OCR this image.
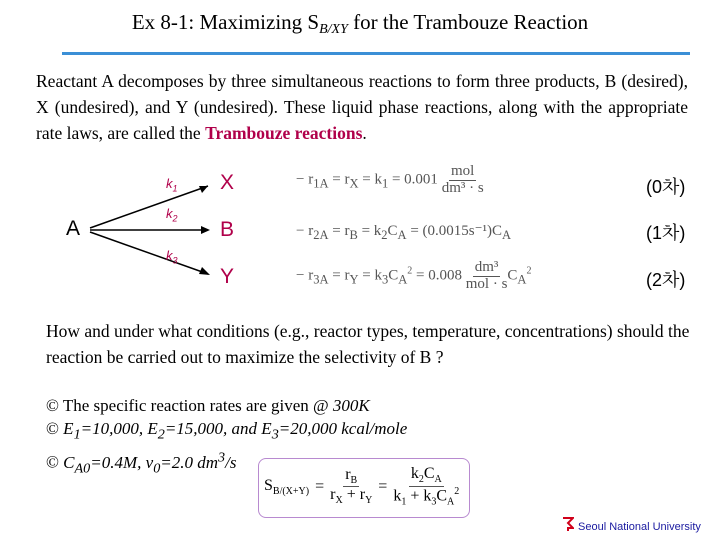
Ex 8-1: Maximizing SB/XY for the Trambouze Reaction
Reactant A decomposes by three simultaneous reactions to form three products, B (desired), X (undesired), and Y (undesired). These liquid phase reactions, along with the appropriate rate laws, are called the Trambouze reactions.
A
$k_1$
$k_2$
$k_3$
X
B
Y
− $r_{1A} = r_X = k_1 = 0.001 \frac{\text{mol}}{\text{dm³ · s}}$
− $r_{2A} = r_B = k_2C_A = (0.0015s^{-1})C_A$
− $r_{3A} = r_Y = k_3C_A^2 = 0.008 \frac{\text{dm³}}{\text{mol · s}} C_A^2$
(0차)
(1차)
(2차)
How and under what conditions (e.g., reactor types, temperature, concentrations) should the reaction be carried out to maximize the selectivity of B ?
© The specific reaction rates are given @ 300K
© $E_1=10,000$, $E_2=15,000$, and $E_3=20,000$ kcal/mole
© $C_{A0}=0.4M$, $v_0=2.0$ $dm^3/s$
$S_{B/(X+Y)} = \frac{r_B}{r_X + r_Y} = \frac{k_2C_A}{k_1 + k_3C_A^2}$
Seoul National University
